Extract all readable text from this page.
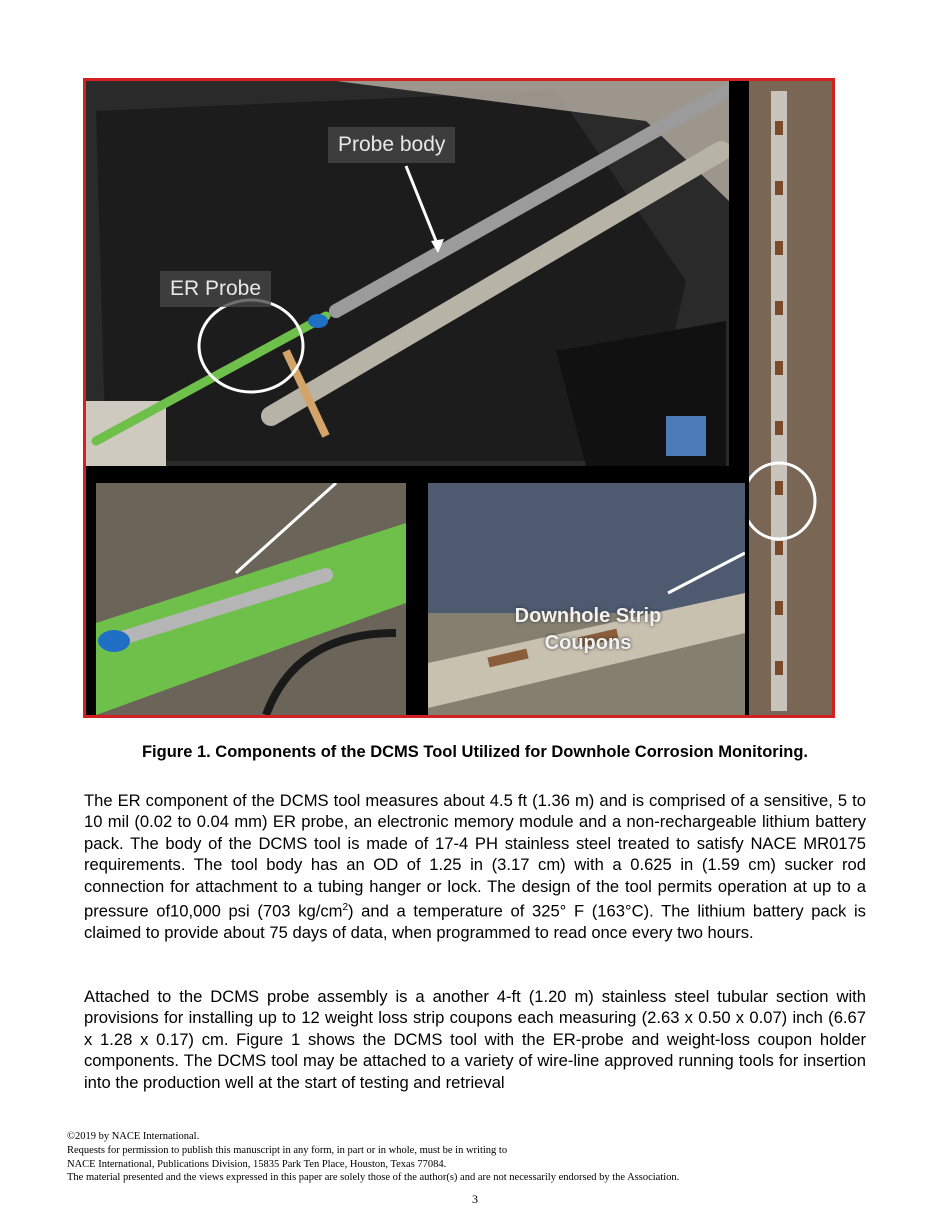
Probe body
ER Probe
Downhole Strip
Coupons
Figure 1. Components of the DCMS Tool Utilized for Downhole Corrosion Monitoring.

The ER component of the DCMS tool measures about 4.5 ft (1.36 m) and is comprised of a sensitive, 5 to 10 mil (0.02 to 0.04 mm) ER probe, an electronic memory module and a non-rechargeable lithium battery pack. The body of the DCMS tool is made of 17-4 PH stainless steel treated to satisfy NACE MR0175 requirements. The tool body has an OD of 1.25 in (3.17 cm) with a 0.625 in (1.59 cm) sucker rod connection for attachment to a tubing hanger or lock. The design of the tool permits operation at up to a pressure of10,000 psi (703 $kg/cm^2$) and a temperature of 325° F (163°C). The lithium battery pack is claimed to provide about 75 days of data, when programmed to read once every two hours.

Attached to the DCMS probe assembly is a another 4-ft (1.20 m) stainless steel tubular section with provisions for installing up to 12 weight loss strip coupons each measuring (2.63 x 0.50 x 0.07) inch (6.67 x 1.28 x 0.17) cm. Figure 1 shows the DCMS tool with the ER-probe and weight-loss coupon holder components. The DCMS tool may be attached to a variety of wire-line approved running tools for insertion into the production well at the start of testing and retrieval

©2019 by NACE International.
Requests for permission to publish this manuscript in any form, in part or in whole, must be in writing to
NACE International, Publications Division, 15835 Park Ten Place, Houston, Texas 77084.
The material presented and the views expressed in this paper are solely those of the author(s) and are not necessarily endorsed by the Association.
3
